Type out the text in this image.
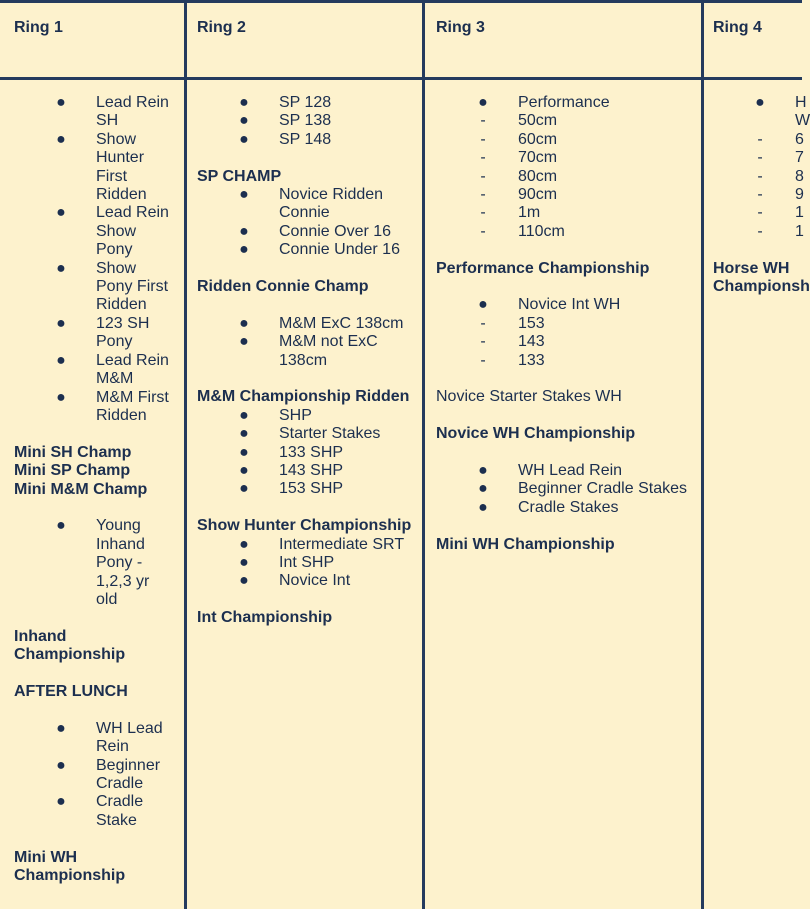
Ring 1
● Lead Rein
SH
● Show
Hunter
First
Ridden
● Lead Rein
Show
Pony
● Show
Pony First
Ridden
● 123 SH
Pony
● Lead Rein
M&M
● M&M First
Ridden
Mini SH Champ
Mini SP Champ
Mini M&M Champ
● Young
Inhand
Pony -
1,2,3 yr
old
Inhand
Championship
AFTER LUNCH
● WH Lead
Rein
● Beginner
Cradle
● Cradle
Stake
Mini WH
Championship
Ring 2
● SP 128
● SP 138
● SP 148
SP CHAMP
● Novice Ridden
Connie
● Connie Over 16
● Connie Under 16
Ridden Connie Champ
● M&M ExC 138cm
● M&M not ExC
138cm
M&M Championship Ridden
● SHP
● Starter Stakes
● 133 SHP
● 143 SHP
● 153 SHP
Show Hunter Championship
● Intermediate SRT
● Int SHP
● Novice Int
Int Championship
Ring 3
● Performance
- 50cm
- 60cm
- 70cm
- 80cm
- 90cm
- 1m
- 110cm
Performance Championship
● Novice Int WH
- 153
- 143
- 133
Novice Starter Stakes WH
Novice WH Championship
● WH Lead Rein
● Beginner Cradle Stakes
● Cradle Stakes
Mini WH Championship
Ring 4
● H
W
- 6
- 7
- 8
- 9
- 1
- 1
Horse WH
Championsh
